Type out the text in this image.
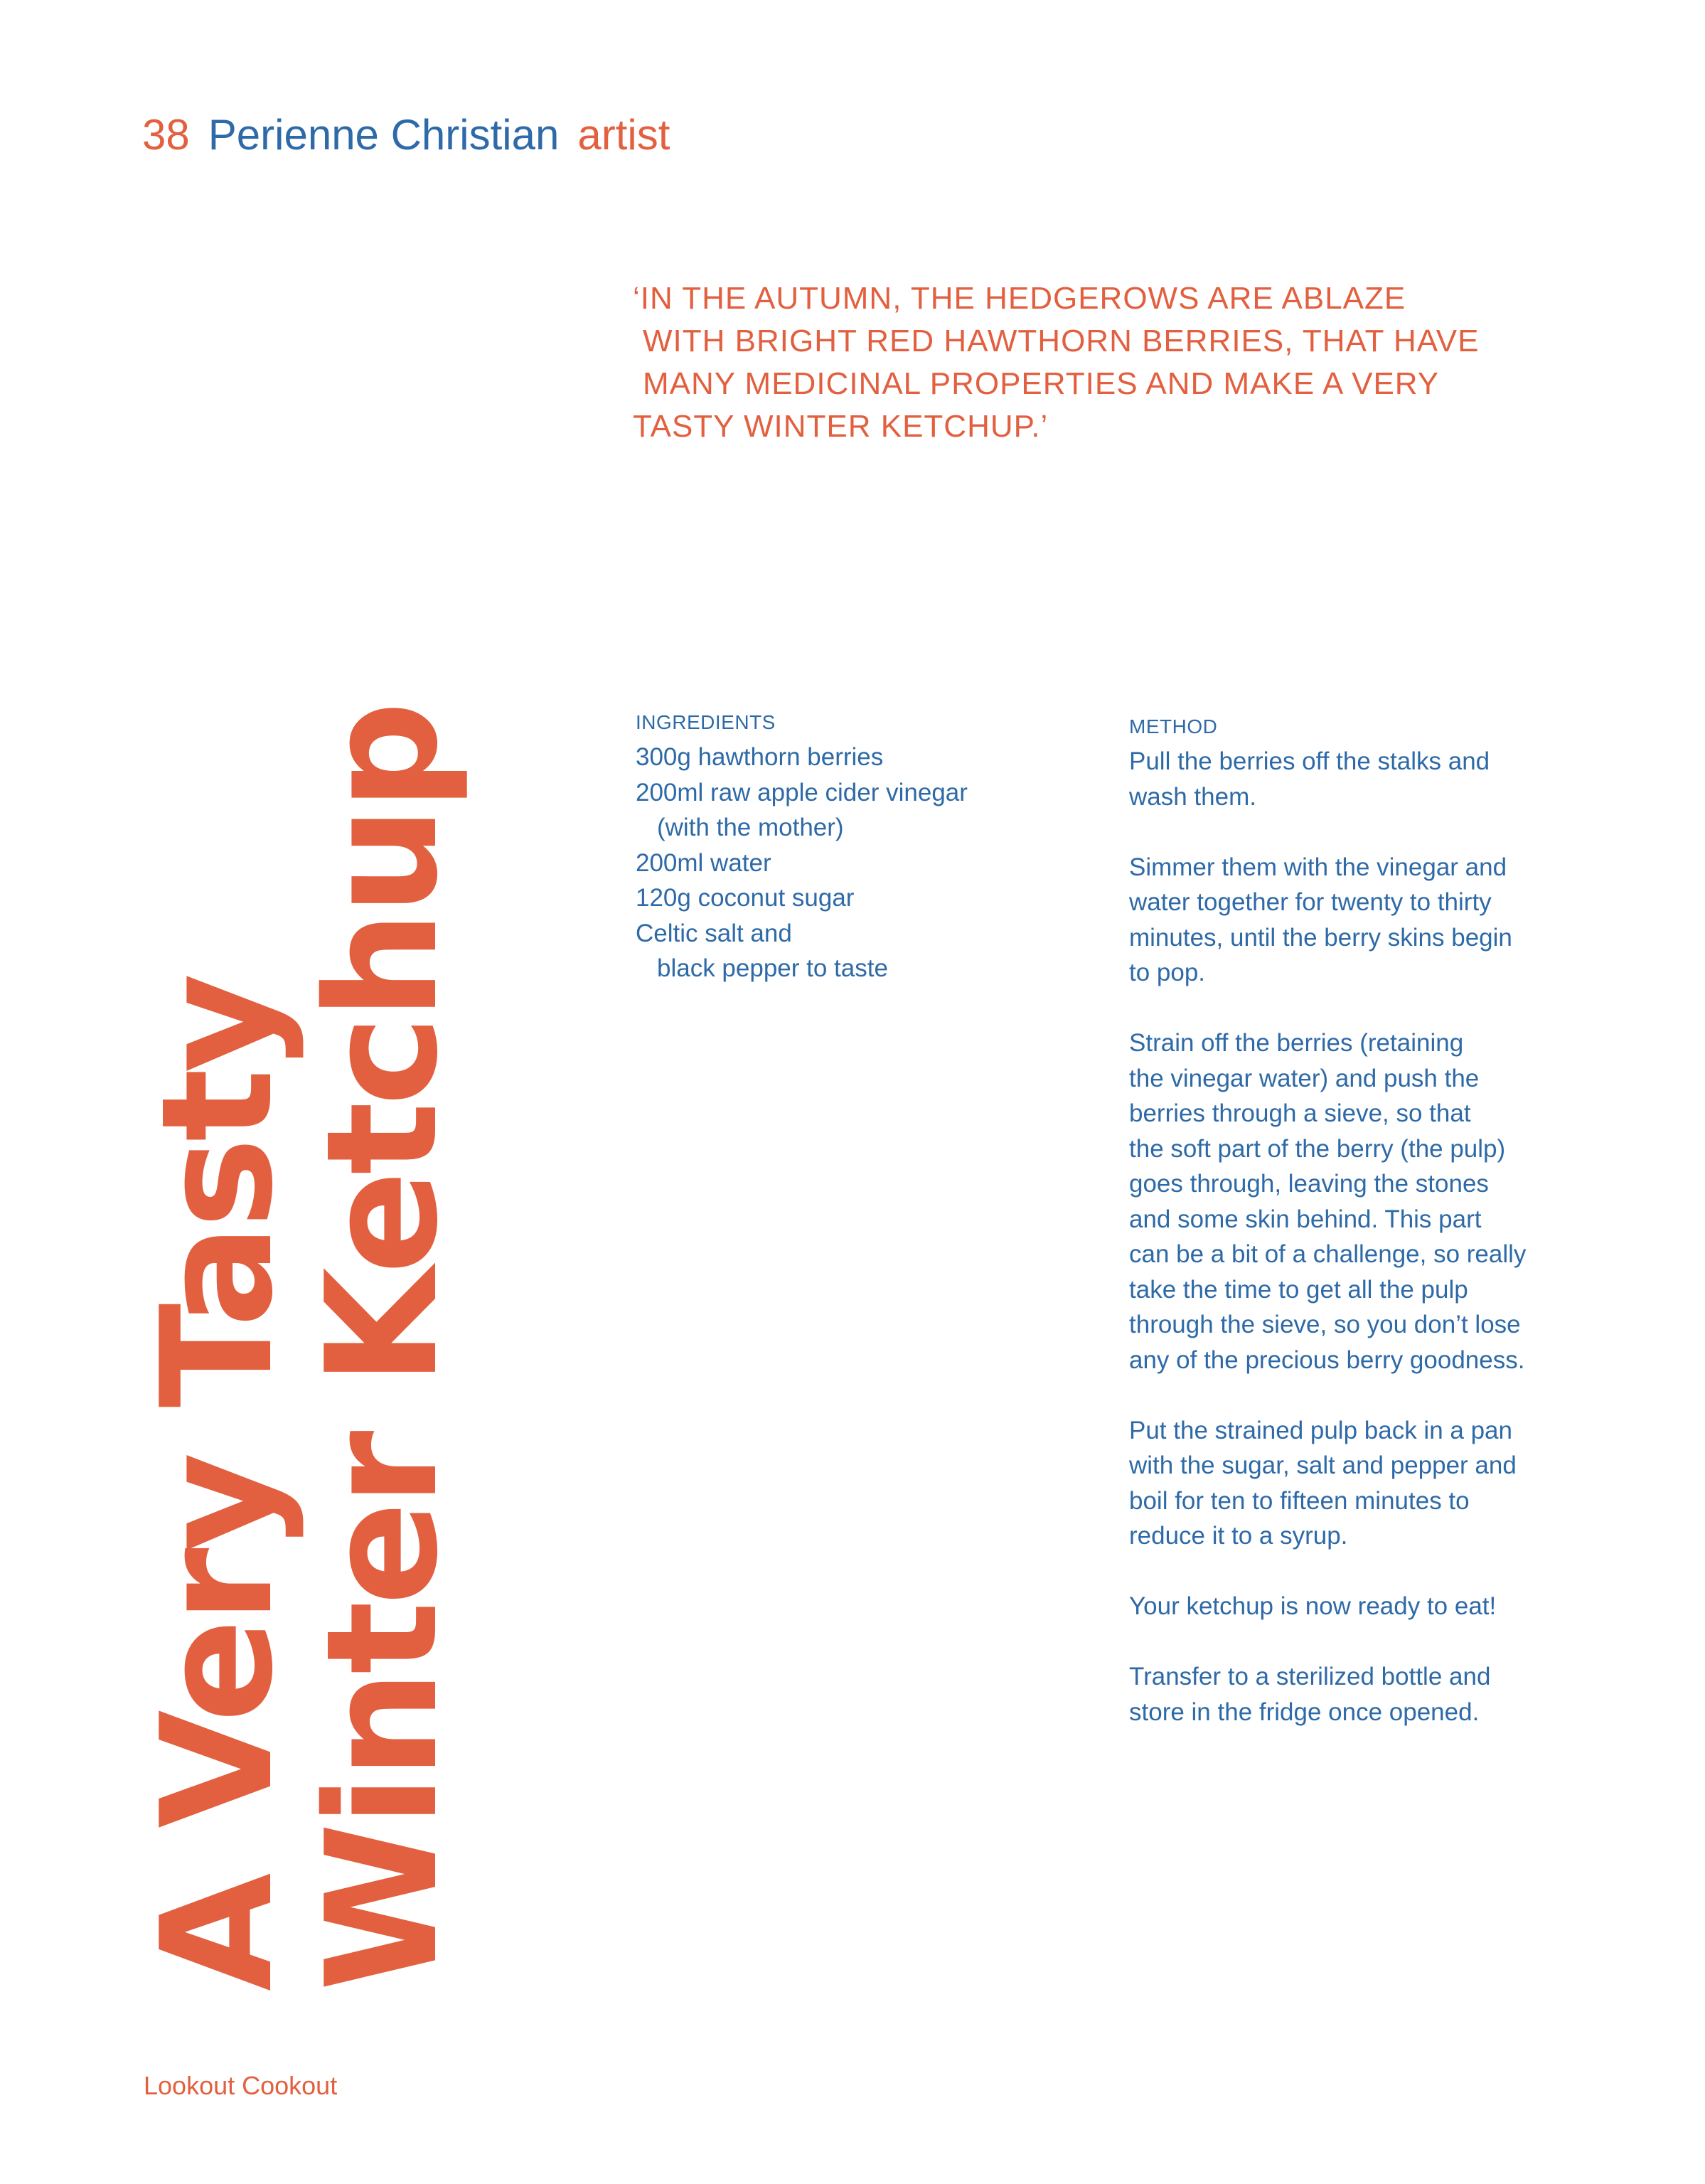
38 Perienne Christian artist
‘IN THE AUTUMN, THE HEDGEROWS ARE ABLAZE
WITH BRIGHT RED HAWTHORN BERRIES, THAT HAVE
MANY MEDICINAL PROPERTIES AND MAKE A VERY
TASTY WINTER KETCHUP.’
A Very Tasty
Winter Ketchup	INGREDIENTS
300g hawthorn berries
200ml raw apple cider vinegar
(with the mother)
200ml water
120g coconut sugar
Celtic salt and
black pepper to taste
METHOD

Pull the berries off the stalks and
wash them.

Simmer them with the vinegar and
water together for twenty to thirty
minutes, until the berry skins begin
to pop.

Strain off the berries (retaining
the vinegar water) and push the
berries through a sieve, so that
the soft part of the berry (the pulp)
goes through, leaving the stones
and some skin behind. This part
can be a bit of a challenge, so really
take the time to get all the pulp
through the sieve, so you don’t lose
any of the precious berry goodness.

Put the strained pulp back in a pan
with the sugar, salt and pepper and
boil for ten to fifteen minutes to
reduce it to a syrup.

Your ketchup is now ready to eat!

Transfer to a sterilized bottle and
store in the fridge once opened.

Lookout Cookout
